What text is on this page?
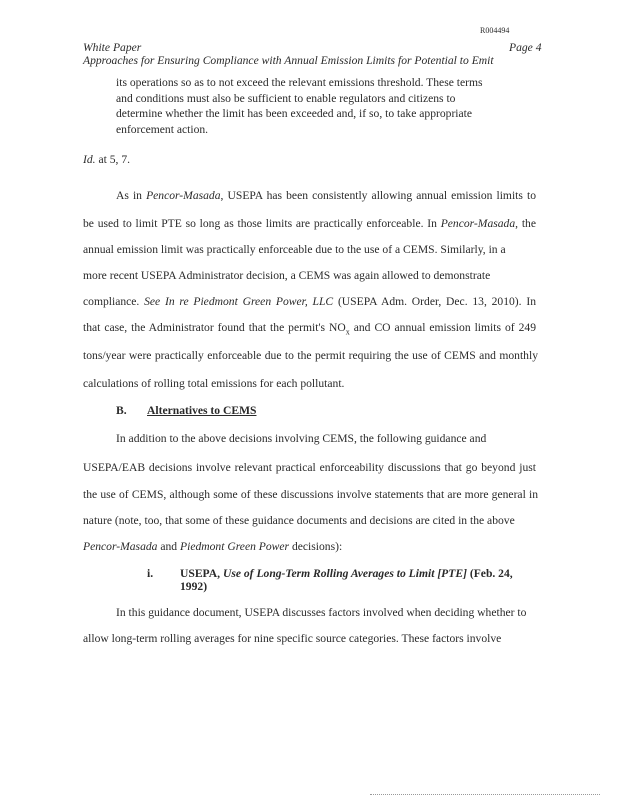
R004494
White Paper	Page 4
Approaches for Ensuring Compliance with Annual Emission Limits for Potential to Emit
its operations so as to not exceed the relevant emissions threshold. These terms
and conditions must also be sufficient to enable regulators and citizens to
determine whether the limit has been exceeded and, if so, to take appropriate
enforcement action.
Id. at 5, 7.
As in Pencor-Masada, USEPA has been consistently allowing annual emission limits to
be used to limit PTE so long as those limits are practically enforceable. In Pencor-Masada, the
annual emission limit was practically enforceable due to the use of a CEMS. Similarly, in a
more recent USEPA Administrator decision, a CEMS was again allowed to demonstrate
compliance. See In re Piedmont Green Power, LLC (USEPA Adm. Order, Dec. 13, 2010). In
that case, the Administrator found that the permit's $NO_x$ and CO annual emission limits of 249
tons/year were practically enforceable due to the permit requiring the use of CEMS and monthly
calculations of rolling total emissions for each pollutant.
B. Alternatives to CEMS
In addition to the above decisions involving CEMS, the following guidance and
USEPA/EAB decisions involve relevant practical enforceability discussions that go beyond just
the use of CEMS, although some of these discussions involve statements that are more general in
nature (note, too, that some of these guidance documents and decisions are cited in the above
Pencor-Masada and Piedmont Green Power decisions):
i. USEPA, Use of Long-Term Rolling Averages to Limit [PTE] (Feb. 24,
1992)
In this guidance document, USEPA discusses factors involved when deciding whether to
allow long-term rolling averages for nine specific source categories. These factors involve
